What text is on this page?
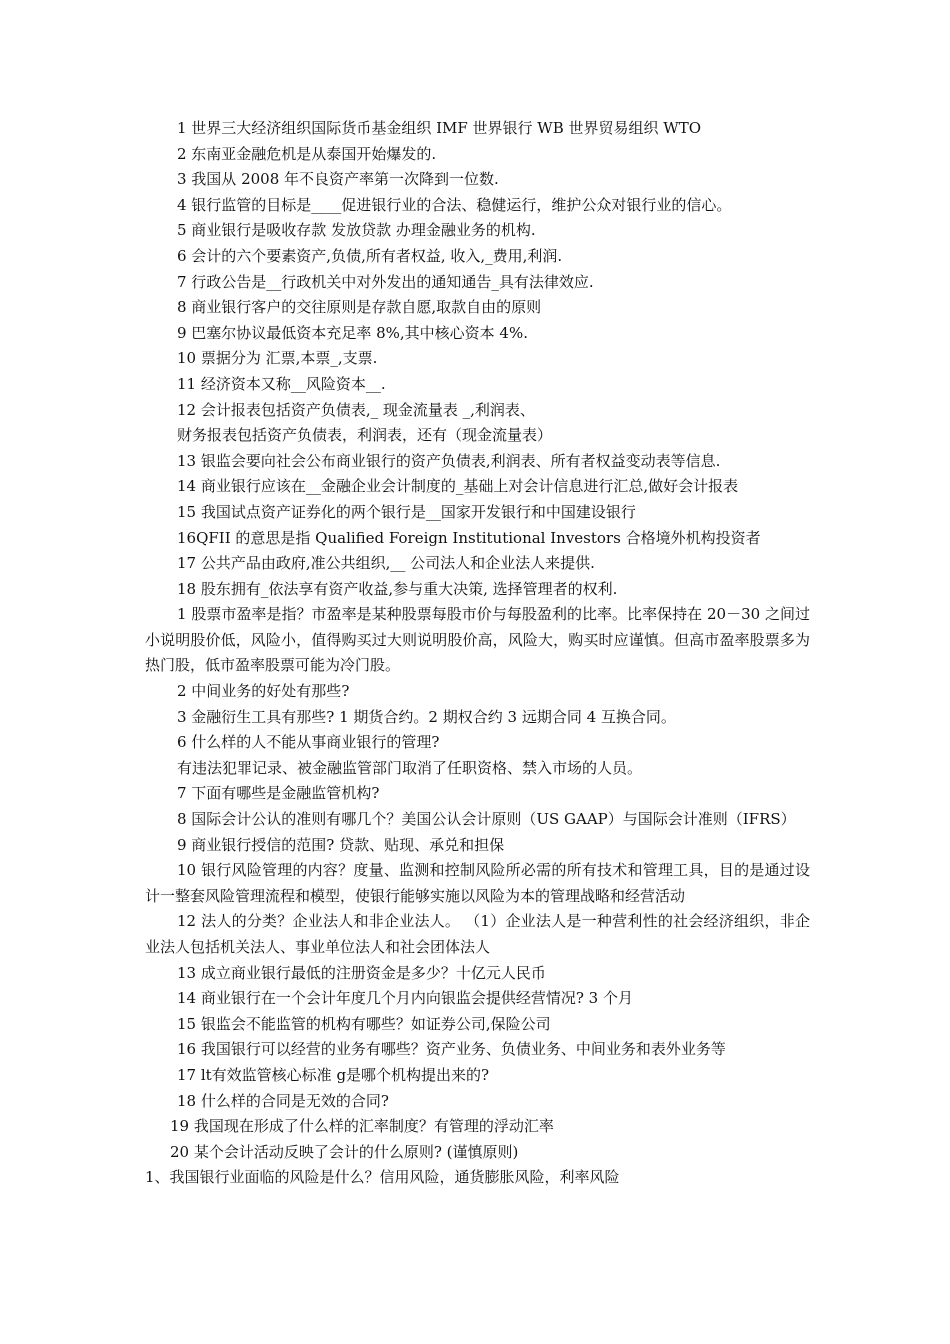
1 世界三大经济组织国际货币基金组织 IMF 世界银行 WB 世界贸易组织 WTO
2 东南亚金融危机是从泰国开始爆发的.
3 我国从 2008 年不良资产率第一次降到一位数.
4 银行监管的目标是____促进银行业的合法、稳健运行，维护公众对银行业的信心。
5 商业银行是吸收存款 发放贷款 办理金融业务的机构.
6 会计的六个要素资产,负债,所有者权益, 收入,_费用,利润.
7 行政公告是__行政机关中对外发出的通知通告_具有法律效应.
8 商业银行客户的交往原则是存款自愿,取款自由的原则
9 巴塞尔协议最低资本充足率 8%,其中核心资本 4%.
10 票据分为 汇票,本票_,支票.
11 经济资本又称__风险资本__.
12 会计报表包括资产负债表,_ 现金流量表 _,利润表、
财务报表包括资产负债表，利润表，还有（现金流量表）
13 银监会要向社会公布商业银行的资产负债表,利润表、所有者权益变动表等信息.
14 商业银行应该在__金融企业会计制度的_基础上对会计信息进行汇总,做好会计报表
15 我国试点资产证券化的两个银行是__国家开发银行和中国建设银行
16QFII 的意思是指 Qualified Foreign Institutional Investors 合格境外机构投资者
17 公共产品由政府,准公共组织,__ 公司法人和企业法人来提供.
18 股东拥有_依法享有资产收益,参与重大决策, 选择管理者的权利.
1 股票市盈率是指？市盈率是某种股票每股市价与每股盈利的比率。比率保持在 20－30 之间过小说明股价低，风险小，值得购买过大则说明股价高，风险大，购买时应谨慎。但高市盈率股票多为热门股，低市盈率股票可能为冷门股。
2 中间业务的好处有那些?
3 金融衍生工具有那些? 1 期货合约。2 期权合约 3 远期合同 4 互换合同。
6 什么样的人不能从事商业银行的管理?
有违法犯罪记录、被金融监管部门取消了任职资格、禁入市场的人员。
7 下面有哪些是金融监管机构?
8 国际会计公认的准则有哪几个？美国公认会计原则（US GAAP）与国际会计准则（IFRS）
9 商业银行授信的范围? 贷款、贴现、承兑和担保
10 银行风险管理的内容？度量、监测和控制风险所必需的所有技术和管理工具，目的是通过设计一整套风险管理流程和模型，使银行能够实施以风险为本的管理战略和经营活动
12 法人的分类？企业法人和非企业法人。 （1）企业法人是一种营利性的社会经济组织，非企业法人包括机关法人、事业单位法人和社会团体法人
13 成立商业银行最低的注册资金是多少？十亿元人民币
14 商业银行在一个会计年度几个月内向银监会提供经营情况? 3 个月
15 银监会不能监管的机构有哪些？如证券公司,保险公司
16 我国银行可以经营的业务有哪些？资产业务、负债业务、中间业务和表外业务等
17 lt有效监管核心标准 g是哪个机构提出来的?
18 什么样的合同是无效的合同?
19 我国现在形成了什么样的汇率制度？有管理的浮动汇率
20 某个会计活动反映了会计的什么原则? (谨慎原则)
1、我国银行业面临的风险是什么？信用风险，通货膨胀风险，利率风险
